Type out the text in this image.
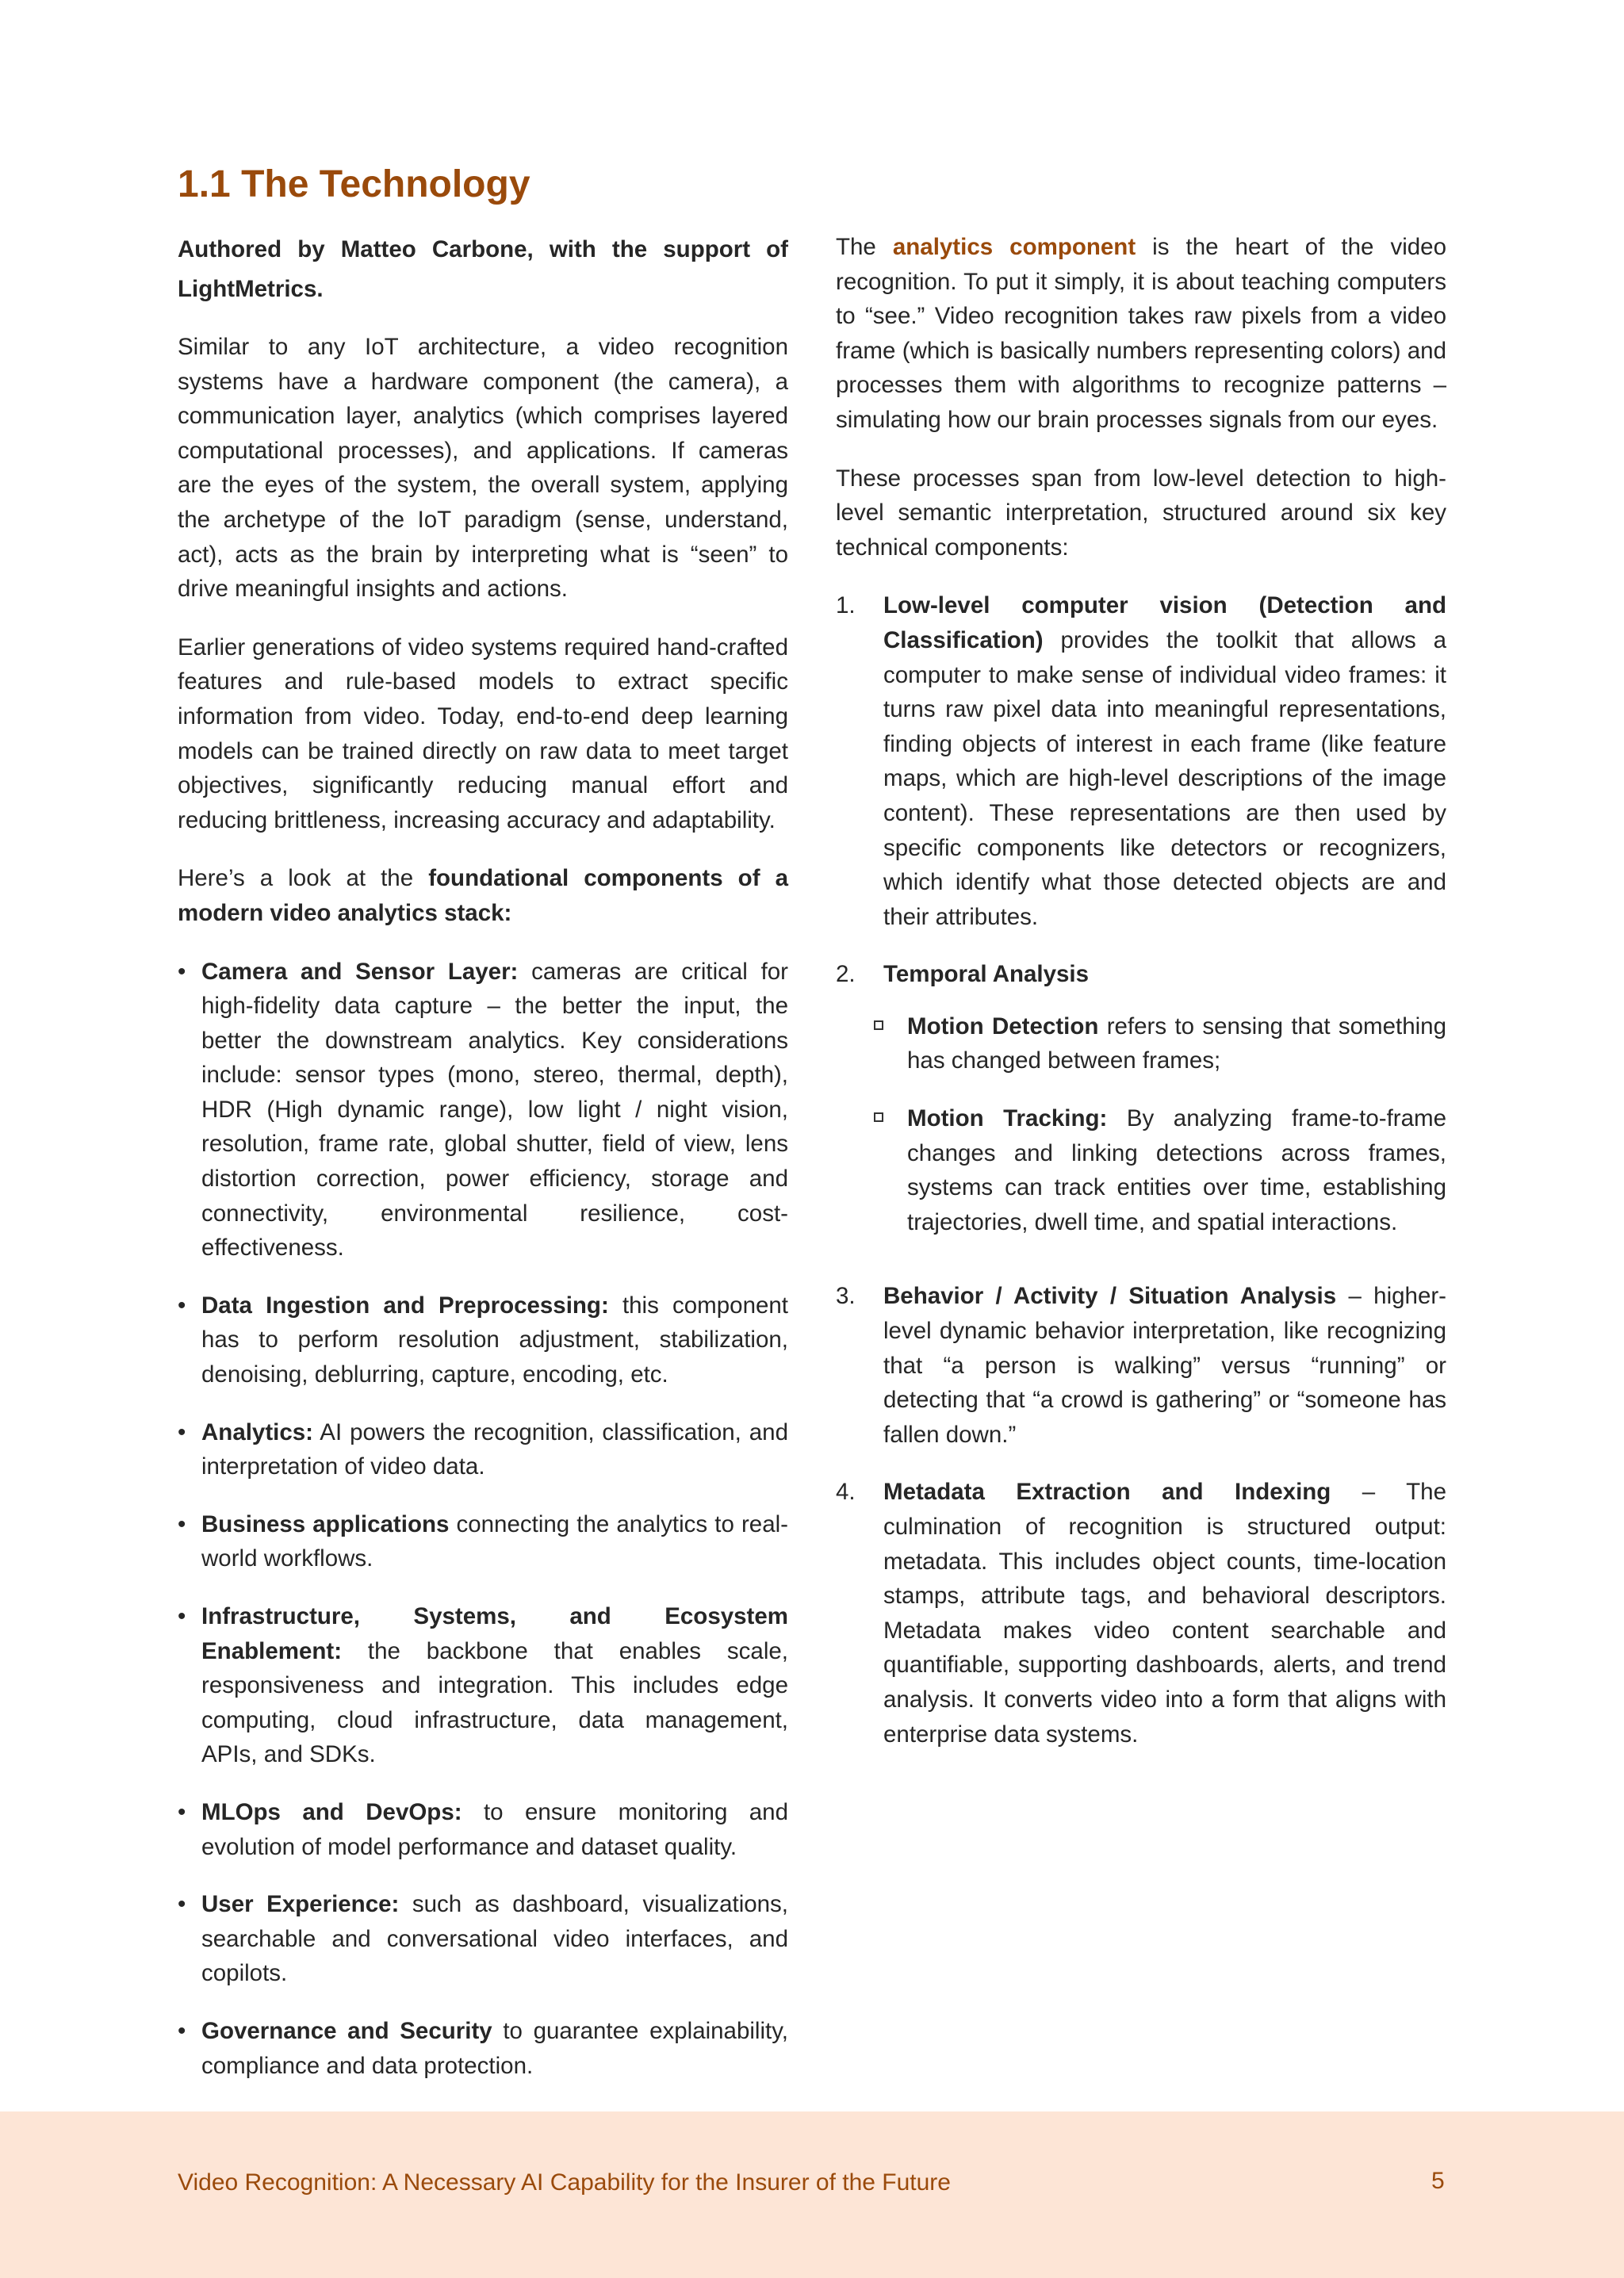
1.1 The Technology

Authored by Matteo Carbone, with the support of LightMetrics.

Similar to any IoT architecture, a video recognition systems have a hardware component (the camera), a communication layer, analytics (which comprises layered computational processes), and applications. If cameras are the eyes of the system, the overall system, applying the archetype of the IoT paradigm (sense, understand, act), acts as the brain by interpreting what is “seen” to drive meaningful insights and actions.

Earlier generations of video systems required hand-crafted features and rule-based models to extract specific information from video. Today, end-to-end deep learning models can be trained directly on raw data to meet target objectives, significantly reducing manual effort and reducing brittleness, increasing accuracy and adaptability.

Here’s a look at the foundational components of a modern video analytics stack:

• Camera and Sensor Layer: cameras are critical for high-fidelity data capture – the better the input, the better the downstream analytics. Key considerations include: sensor types (mono, stereo, thermal, depth), HDR (High dynamic range), low light / night vision, resolution, frame rate, global shutter, field of view, lens distortion correction, power efficiency, storage and connectivity, environmental resilience, cost-effectiveness.
• Data Ingestion and Preprocessing: this component has to perform resolution adjustment, stabilization, denoising, deblurring, capture, encoding, etc.
• Analytics: AI powers the recognition, classification, and interpretation of video data.
• Business applications connecting the analytics to real-world workflows.
• Infrastructure, Systems, and Ecosystem Enablement: the backbone that enables scale, responsiveness and integration. This includes edge computing, cloud infrastructure, data management, APIs, and SDKs.
• MLOps and DevOps: to ensure monitoring and evolution of model performance and dataset quality.
• User Experience: such as dashboard, visualizations, searchable and conversational video interfaces, and copilots.
• Governance and Security to guarantee explainability, compliance and data protection.

The analytics component is the heart of the video recognition. To put it simply, it is about teaching computers to “see.” Video recognition takes raw pixels from a video frame (which is basically numbers representing colors) and processes them with algorithms to recognize patterns – simulating how our brain processes signals from our eyes.

These processes span from low-level detection to high-level semantic interpretation, structured around six key technical components:

1. Low-level computer vision (Detection and Classification) provides the toolkit that allows a computer to make sense of individual video frames: it turns raw pixel data into meaningful representations, finding objects of interest in each frame (like feature maps, which are high-level descriptions of the image content). These representations are then used by specific components like detectors or recognizers, which identify what those detected objects are and their attributes.
2. Temporal Analysis
Motion Detection refers to sensing that something has changed between frames;
Motion Tracking: By analyzing frame-to-frame changes and linking detections across frames, systems can track entities over time, establishing trajectories, dwell time, and spatial interactions.
3. Behavior / Activity / Situation Analysis – higher-level dynamic behavior interpretation, like recognizing that “a person is walking” versus “running” or detecting that “a crowd is gathering” or “someone has fallen down.”
4. Metadata Extraction and Indexing – The culmination of recognition is structured output: metadata. This includes object counts, time-location stamps, attribute tags, and behavioral descriptors. Metadata makes video content searchable and quantifiable, supporting dashboards, alerts, and trend analysis. It converts video into a form that aligns with enterprise data systems.
Video Recognition: A Necessary AI Capability for the Insurer of the Future	5
